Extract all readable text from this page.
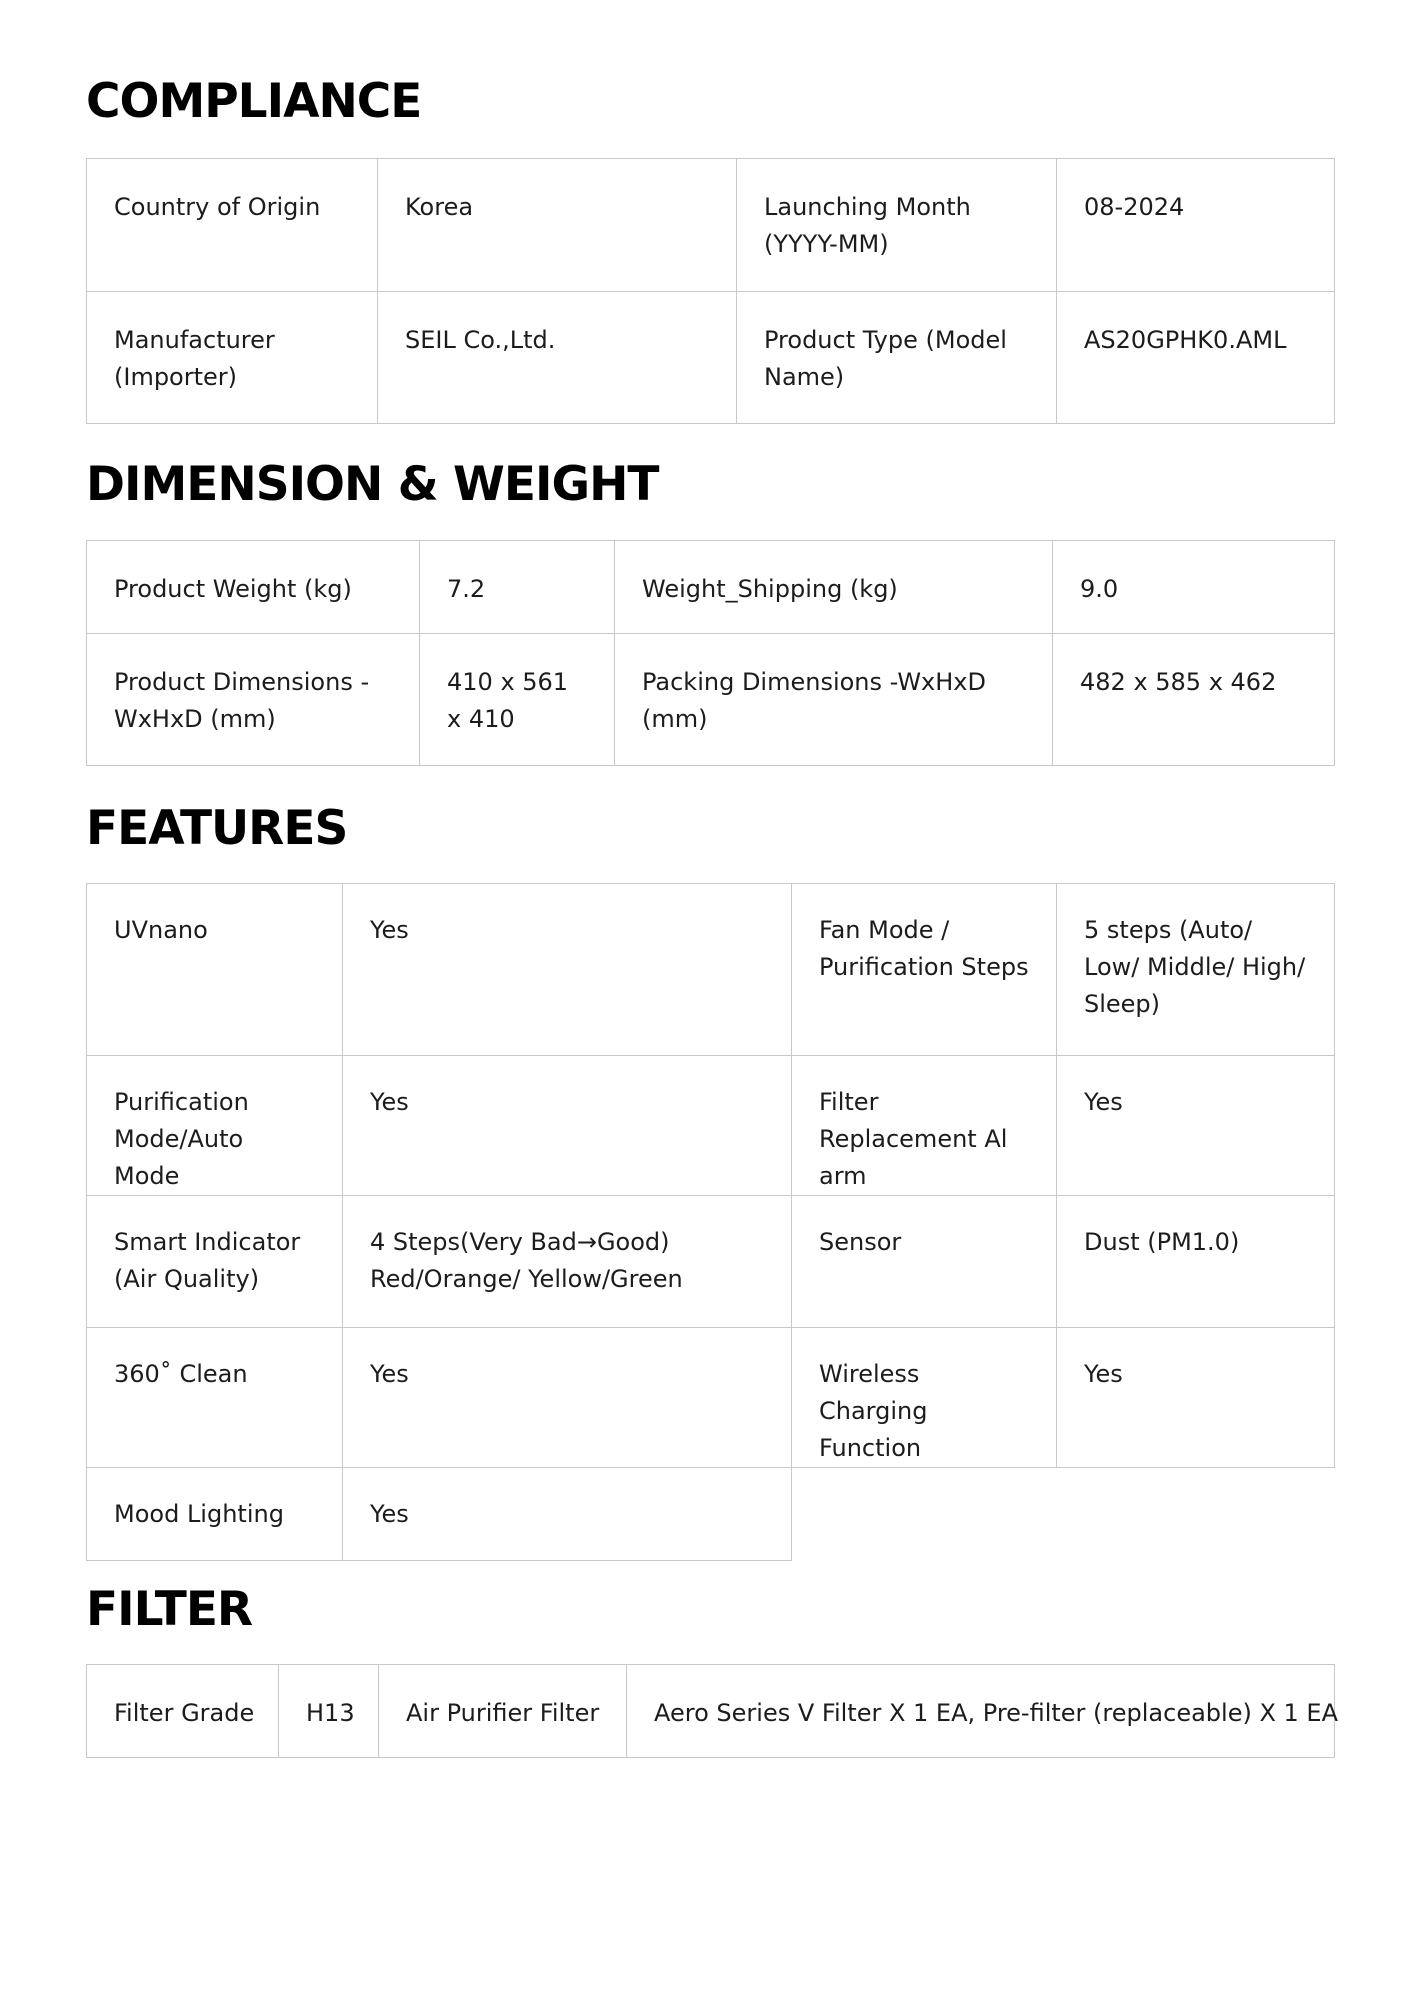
COMPLIANCE
Country of Origin	Korea	Launching Month (YYYY-MM)	08-2024
Manufacturer (Importer)	SEIL Co.,Ltd.	Product Type (Model Name)	AS20GPHK0.AML
DIMENSION & WEIGHT
Product Weight (kg)	7.2	Weight_Shipping (kg)	9.0
Product Dimensions - WxHxD (mm)	410 x 561 x 410	Packing Dimensions -WxHxD (mm)	482 x 585 x 462
FEATURES
UVnano	Yes	Fan Mode / Purification Steps	5 steps (Auto/ Low/ Middle/ High/ Sleep)
Purification Mode/Auto Mode	Yes	Filter Replacement Al arm	Yes
Smart Indicator (Air Quality)	4 Steps(Very Bad→Good) Red/Orange/ Yellow/Green	Sensor	Dust (PM1.0)
360˚ Clean	Yes	Wireless Charging Function	Yes
Mood Lighting	Yes		
FILTER
Filter Grade	H13	Air Purifier Filter	Aero Series V Filter X 1 EA, Pre-filter (replaceable) X 1 EA
